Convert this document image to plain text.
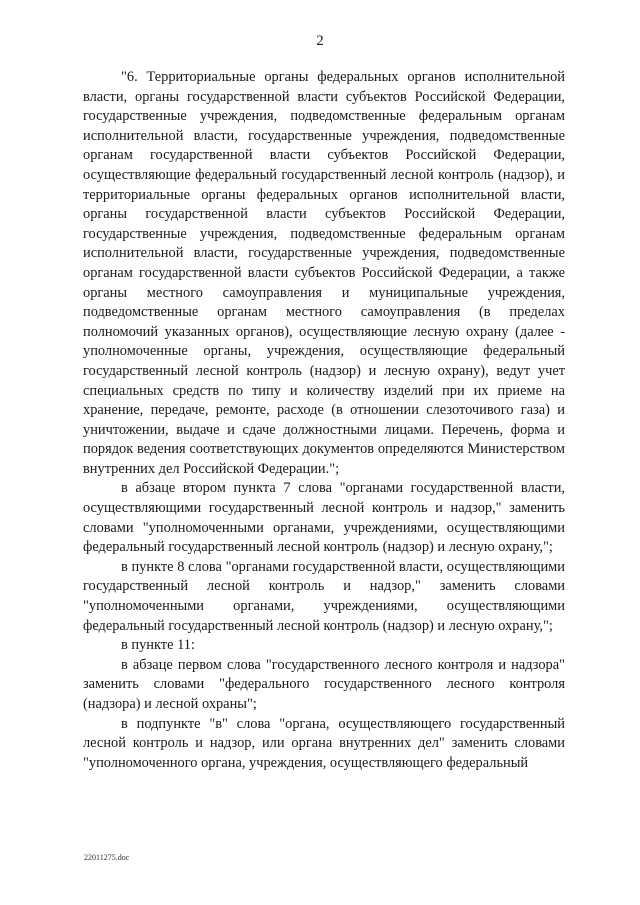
2

"6. Территориальные органы федеральных органов исполнительной власти, органы государственной власти субъектов Российской Федерации, государственные учреждения, подведомственные федеральным органам исполнительной власти, государственные учреждения, подведомственные органам государственной власти субъектов Российской Федерации, осуществляющие федеральный государственный лесной контроль (надзор), и территориальные органы федеральных органов исполнительной власти, органы государственной власти субъектов Российской Федерации, государственные учреждения, подведомственные федеральным органам исполнительной власти, государственные учреждения, подведомственные органам государственной власти субъектов Российской Федерации, а также органы местного самоуправления и муниципальные учреждения, подведомственные органам местного самоуправления (в пределах полномочий указанных органов), осуществляющие лесную охрану (далее - уполномоченные органы, учреждения, осуществляющие федеральный государственный лесной контроль (надзор) и лесную охрану), ведут учет специальных средств по типу и количеству изделий при их приеме на хранение, передаче, ремонте, расходе (в отношении слезоточивого газа) и уничтожении, выдаче и сдаче должностными лицами. Перечень, форма и порядок ведения соответствующих документов определяются Министерством внутренних дел Российской Федерации.";

в абзаце втором пункта 7 слова "органами государственной власти, осуществляющими государственный лесной контроль и надзор," заменить словами "уполномоченными органами, учреждениями, осуществляющими федеральный государственный лесной контроль (надзор) и лесную охрану,";

в пункте 8 слова "органами государственной власти, осуществляющими государственный лесной контроль и надзор," заменить словами "уполномоченными органами, учреждениями, осуществляющими федеральный государственный лесной контроль (надзор) и лесную охрану,";

в пункте 11:

в абзаце первом слова "государственного лесного контроля и надзора" заменить словами "федерального государственного лесного контроля (надзора) и лесной охраны";

в подпункте "в" слова "органа, осуществляющего государственный лесной контроль и надзор, или органа внутренних дел" заменить словами "уполномоченного органа, учреждения, осуществляющего федеральный

22011275.doc
